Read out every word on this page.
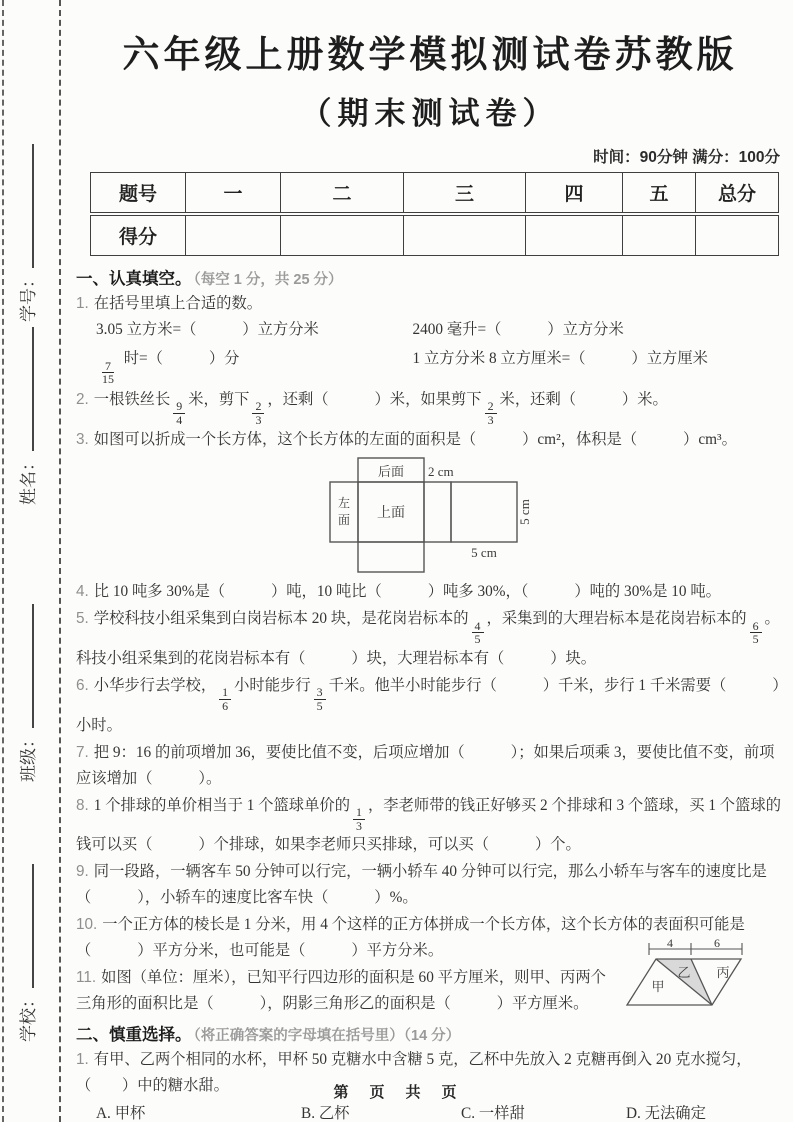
学号：
姓名：
班级：
学校：
六年级上册数学模拟测试卷苏教版
（期末测试卷）
时间：90分钟 满分：100分
题号	一	二	三	四	五	总分
得分						
一、认真填空。 （每空 1 分，共 25 分）
1. 在括号里填上合适的数。
3.05 立方米=（　　　）立方分米	2400 毫升=（　　　）立方分米
$\frac{7}{15}$
时=（　　　）分	1 立方分米 8 立方厘米=（　　　）立方厘米
2. 一根铁丝长
$\frac{9}{4}$
米，剪下
$\frac{2}{3}$
，还剩（　　　）米，如果剪下
$\frac{2}{3}$
米，还剩（　　　）米。
3. 如图可以折成一个长方体，这个长方体的左面的面积是（　　　）cm²，体积是（　　　）cm³。
后面 2 cm
左
面 上面	5 cm
5 cm
4. 比 10 吨多 30%是（　　　）吨，10 吨比（　　　）吨多 30%，（　　　）吨的 30%是 10 吨。
5. 学校科技小组采集到白岗岩标本 20 块，是花岗岩标本的
$\frac{4}{5}$
，采集到的大理岩标本是花岗岩标本的
$\frac{6}{5}$
。科技小组采集到的花岗岩标本有（　　　）块，大理岩标本有（　　　）块。
6. 小华步行去学校，
$\frac{1}{6}$
小时能步行
$\frac{3}{5}$
千米。他半小时能步行（　　　）千米，步行 1 千米需要（　　　）小时。
7. 把 9：16 的前项增加 36，要使比值不变，后项应增加（　　　）；如果后项乘 3，要使比值不变，前项应该增加（　　　）。
8. 1 个排球的单价相当于 1 个篮球单价的
$\frac{1}{3}$
，李老师带的钱正好够买 2 个排球和 3 个篮球，买 1 个篮球的钱可以买（　　　）个排球，如果李老师只买排球，可以买（　　　）个。
9. 同一段路，一辆客车 50 分钟可以行完，一辆小轿车 40 分钟可以行完，那么小轿车与客车的速度比是（　　　），小轿车的速度比客车快（　　　）%。
10. 一个正方体的棱长是 1 分米，用 4 个这样的正方体拼成一个长方体，这个长方体的表面积可能是（　　　）平方分米，也可能是（　　　）平方分米。
11. 如图（单位：厘米），已知平行四边形的面积是 60 平方厘米，则甲、丙两个三角形的面积比是（　　　），阴影三角形乙的面积是（　　　）平方厘米。
4	6
甲
乙 丙
二、慎重选择。 （将正确答案的字母填在括号里）（14 分）
1. 有甲、乙两个相同的水杯，甲杯 50 克糖水中含糖 5 克，乙杯中先放入 2 克糖再倒入 20 克水搅匀，（　　）中的糖水甜。
A. 甲杯	B. 乙杯	C. 一样甜	D. 无法确定
第　页　共　页
